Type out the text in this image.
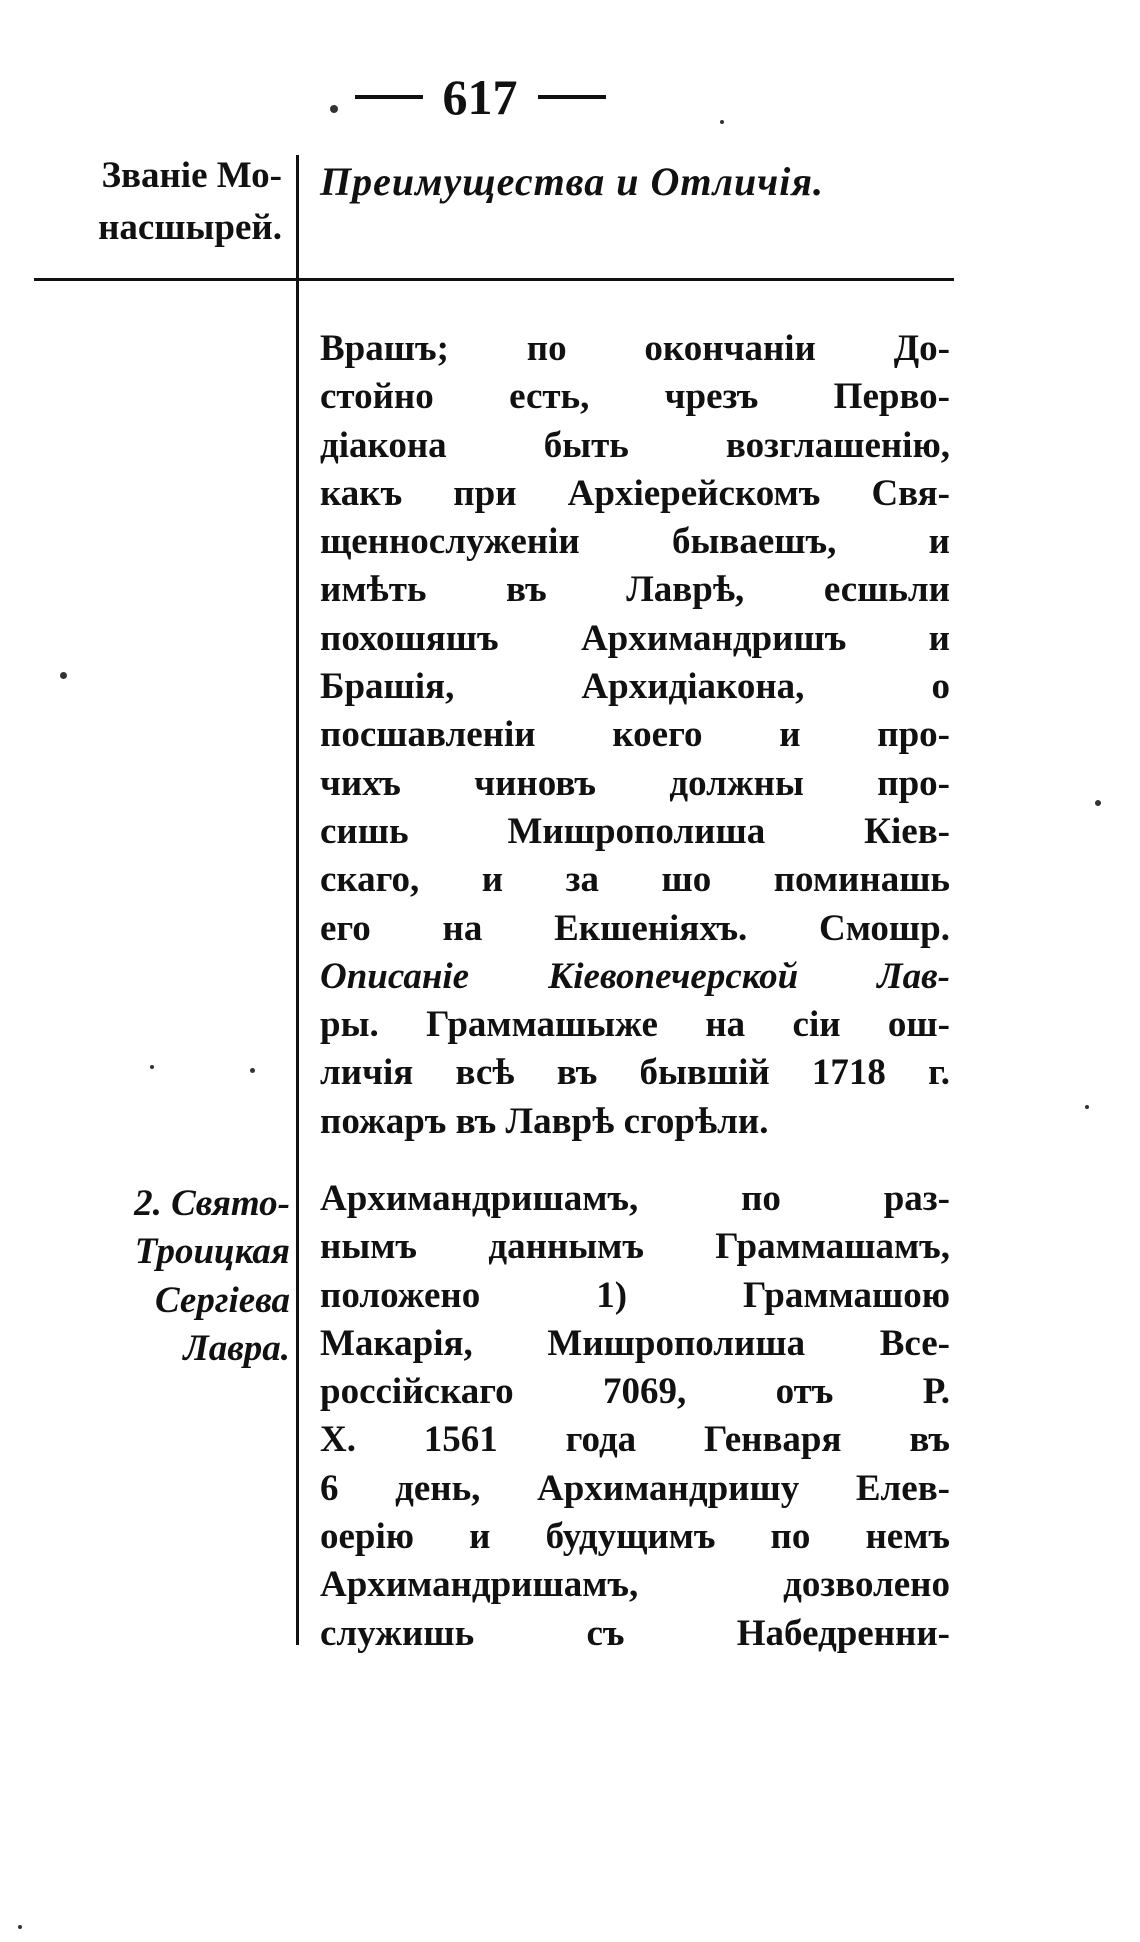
617
Званіе Мо-
насшырей.
Преимущества и Отличія.
Врашъ; по окончаніи До-
стойно есть, чрезъ Перво-
діакона быть возглашенію,
какъ при Архіерейскомъ Свя-
щеннослуженіи бываешъ, и
имѣть въ Лаврѣ, есшьли
похошяшъ Архимандришъ и
Брашія, Архидіакона, о
посшавленіи коего и про-
чихъ чиновъ должны про-
сишь Мишрополиша Кіев-
скаго, и за шо поминашь
его на Екшеніяхъ. Смошр.
Описаніе Кіевопечерской Лав-
ры. Граммашыже на сіи ош-
личія всѣ въ бывшій 1718 г.
пожаръ въ Лаврѣ сгорѣли.
2. Свято-
Троицкая
Сергіева
Лавра.
Архимандришамъ, по раз-
нымъ даннымъ Граммашамъ,
положено 1) Граммашою
Макарія, Мишрополиша Все-
россійскаго 7069, отъ Р.
Х. 1561 года Генваря въ
6 день, Архимандришу Елев-
оерію и будущимъ по немъ
Архимандришамъ, дозволено
служишь съ Набедренни-
